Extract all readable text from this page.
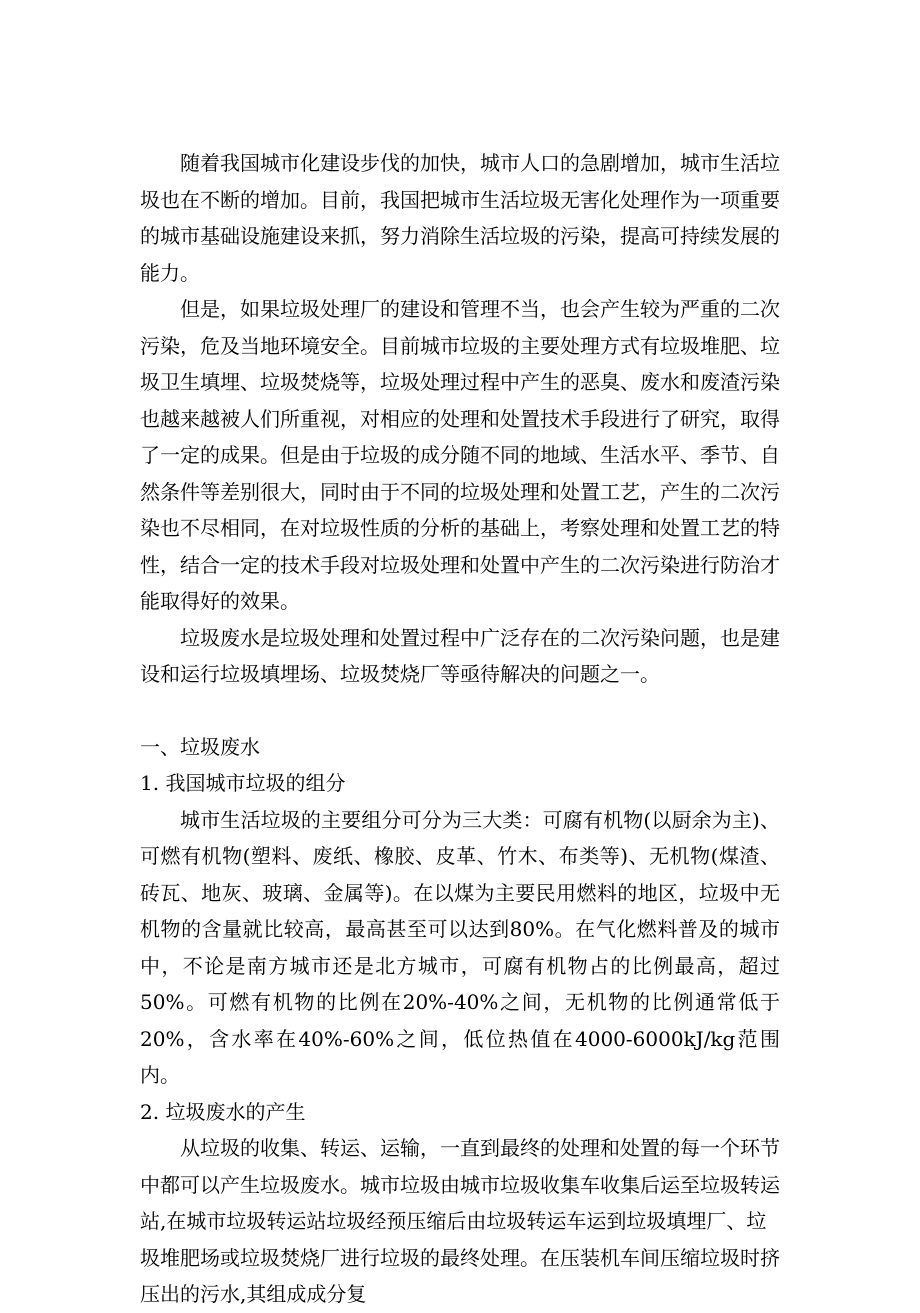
随着我国城市化建设步伐的加快，城市人口的急剧增加，城市生活垃圾也在不断的增加。目前，我国把城市生活垃圾无害化处理作为一项重要的城市基础设施建设来抓，努力消除生活垃圾的污染，提高可持续发展的能力。

但是，如果垃圾处理厂的建设和管理不当，也会产生较为严重的二次污染，危及当地环境安全。目前城市垃圾的主要处理方式有垃圾堆肥、垃圾卫生填埋、垃圾焚烧等，垃圾处理过程中产生的恶臭、废水和废渣污染也越来越被人们所重视，对相应的处理和处置技术手段进行了研究，取得了一定的成果。但是由于垃圾的成分随不同的地域、生活水平、季节、自然条件等差别很大，同时由于不同的垃圾处理和处置工艺，产生的二次污染也不尽相同，在对垃圾性质的分析的基础上，考察处理和处置工艺的特性，结合一定的技术手段对垃圾处理和处置中产生的二次污染进行防治才能取得好的效果。

垃圾废水是垃圾处理和处置过程中广泛存在的二次污染问题，也是建设和运行垃圾填埋场、垃圾焚烧厂等亟待解决的问题之一。

一、垃圾废水

1. 我国城市垃圾的组分

城市生活垃圾的主要组分可分为三大类：可腐有机物(以厨余为主)、可燃有机物(塑料、废纸、橡胶、皮革、竹木、布类等)、无机物(煤渣、砖瓦、地灰、玻璃、金属等)。在以煤为主要民用燃料的地区，垃圾中无机物的含量就比较高，最高甚至可以达到80%。在气化燃料普及的城市中，不论是南方城市还是北方城市，可腐有机物占的比例最高，超过50%。可燃有机物的比例在20%-40%之间，无机物的比例通常低于20%，含水率在40%-60%之间，低位热值在4000-6000kJ/kg范围内。

2. 垃圾废水的产生

从垃圾的收集、转运、运输，一直到最终的处理和处置的每一个环节中都可以产生垃圾废水。城市垃圾由城市垃圾收集车收集后运至垃圾转运站,在城市垃圾转运站垃圾经预压缩后由垃圾转运车运到垃圾填埋厂、垃圾堆肥场或垃圾焚烧厂进行垃圾的最终处理。在压装机车间压缩垃圾时挤压出的污水,其组成成分复
